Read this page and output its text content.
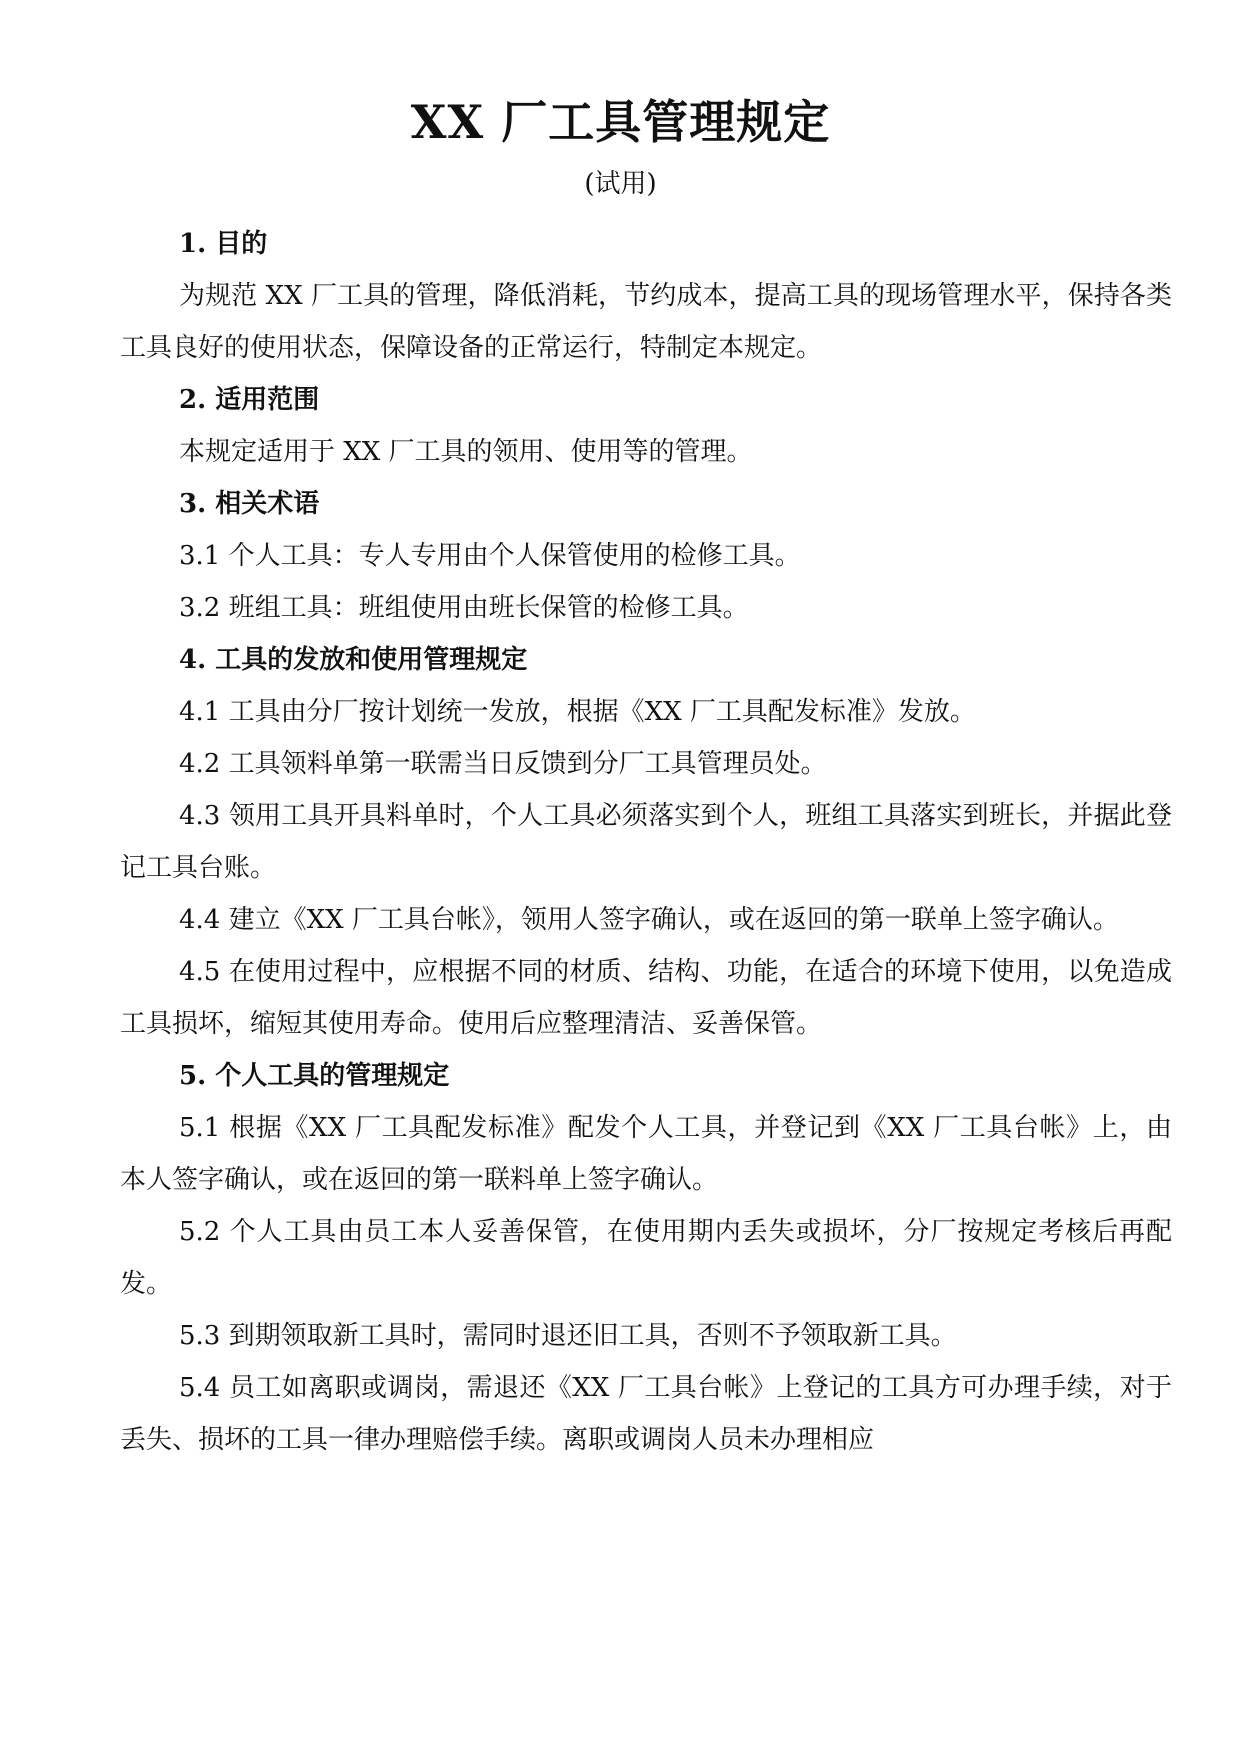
XX 厂工具管理规定
(试用)

1. 目的

为规范 XX 厂工具的管理，降低消耗，节约成本，提高工具的现场管理水平，保持各类工具良好的使用状态，保障设备的正常运行，特制定本规定。

2. 适用范围

本规定适用于 XX 厂工具的领用、使用等的管理。

3. 相关术语

3.1 个人工具：专人专用由个人保管使用的检修工具。

3.2 班组工具：班组使用由班长保管的检修工具。

4. 工具的发放和使用管理规定

4.1 工具由分厂按计划统一发放，根据《XX 厂工具配发标准》发放。

4.2 工具领料单第一联需当日反馈到分厂工具管理员处。

4.3 领用工具开具料单时，个人工具必须落实到个人，班组工具落实到班长，并据此登记工具台账。

4.4 建立《XX 厂工具台帐》，领用人签字确认，或在返回的第一联单上签字确认。

4.5 在使用过程中，应根据不同的材质、结构、功能，在适合的环境下使用，以免造成工具损坏，缩短其使用寿命。使用后应整理清洁、妥善保管。

5. 个人工具的管理规定

5.1 根据《XX 厂工具配发标准》配发个人工具，并登记到《XX 厂工具台帐》上，由本人签字确认，或在返回的第一联料单上签字确认。

5.2 个人工具由员工本人妥善保管，在使用期内丢失或损坏，分厂按规定考核后再配发。

5.3 到期领取新工具时，需同时退还旧工具，否则不予领取新工具。

5.4 员工如离职或调岗，需退还《XX 厂工具台帐》上登记的工具方可办理手续，对于丢失、损坏的工具一律办理赔偿手续。离职或调岗人员未办理相应
